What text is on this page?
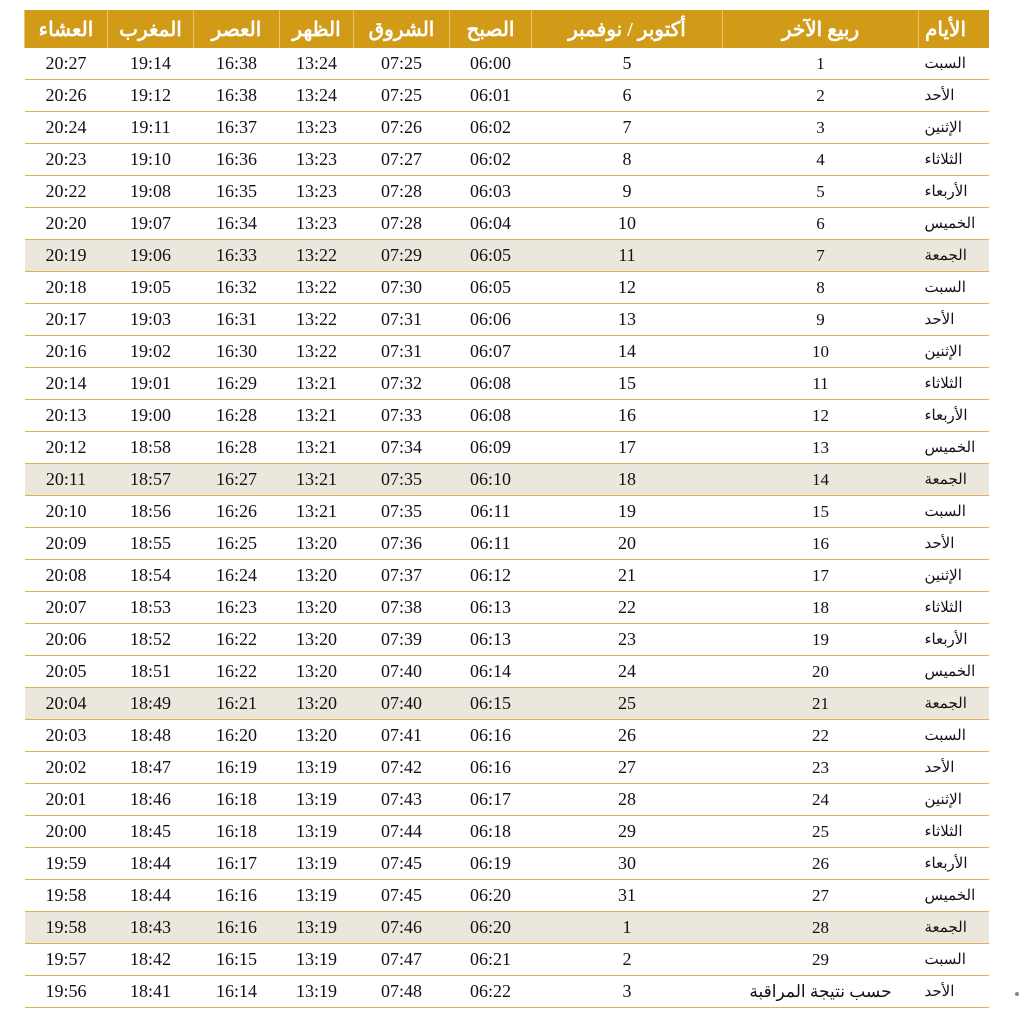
الأيام	ربيع الآخر	أكتوبر / نوفمبر	الصبح	الشروق	الظهر	العصر	المغرب	العشاء
السبت	1	5	06:00	07:25	13:24	16:38	19:14	20:27
الأحد	2	6	06:01	07:25	13:24	16:38	19:12	20:26
الإثنين	3	7	06:02	07:26	13:23	16:37	19:11	20:24
الثلاثاء	4	8	06:02	07:27	13:23	16:36	19:10	20:23
الأربعاء	5	9	06:03	07:28	13:23	16:35	19:08	20:22
الخميس	6	10	06:04	07:28	13:23	16:34	19:07	20:20
الجمعة	7	11	06:05	07:29	13:22	16:33	19:06	20:19
السبت	8	12	06:05	07:30	13:22	16:32	19:05	20:18
الأحد	9	13	06:06	07:31	13:22	16:31	19:03	20:17
الإثنين	10	14	06:07	07:31	13:22	16:30	19:02	20:16
الثلاثاء	11	15	06:08	07:32	13:21	16:29	19:01	20:14
الأربعاء	12	16	06:08	07:33	13:21	16:28	19:00	20:13
الخميس	13	17	06:09	07:34	13:21	16:28	18:58	20:12
الجمعة	14	18	06:10	07:35	13:21	16:27	18:57	20:11
السبت	15	19	06:11	07:35	13:21	16:26	18:56	20:10
الأحد	16	20	06:11	07:36	13:20	16:25	18:55	20:09
الإثنين	17	21	06:12	07:37	13:20	16:24	18:54	20:08
الثلاثاء	18	22	06:13	07:38	13:20	16:23	18:53	20:07
الأربعاء	19	23	06:13	07:39	13:20	16:22	18:52	20:06
الخميس	20	24	06:14	07:40	13:20	16:22	18:51	20:05
الجمعة	21	25	06:15	07:40	13:20	16:21	18:49	20:04
السبت	22	26	06:16	07:41	13:20	16:20	18:48	20:03
الأحد	23	27	06:16	07:42	13:19	16:19	18:47	20:02
الإثنين	24	28	06:17	07:43	13:19	16:18	18:46	20:01
الثلاثاء	25	29	06:18	07:44	13:19	16:18	18:45	20:00
الأربعاء	26	30	06:19	07:45	13:19	16:17	18:44	19:59
الخميس	27	31	06:20	07:45	13:19	16:16	18:44	19:58
الجمعة	28	1	06:20	07:46	13:19	16:16	18:43	19:58
السبت	29	2	06:21	07:47	13:19	16:15	18:42	19:57
الأحد	حسب نتيجة المراقبة	3	06:22	07:48	13:19	16:14	18:41	19:56
